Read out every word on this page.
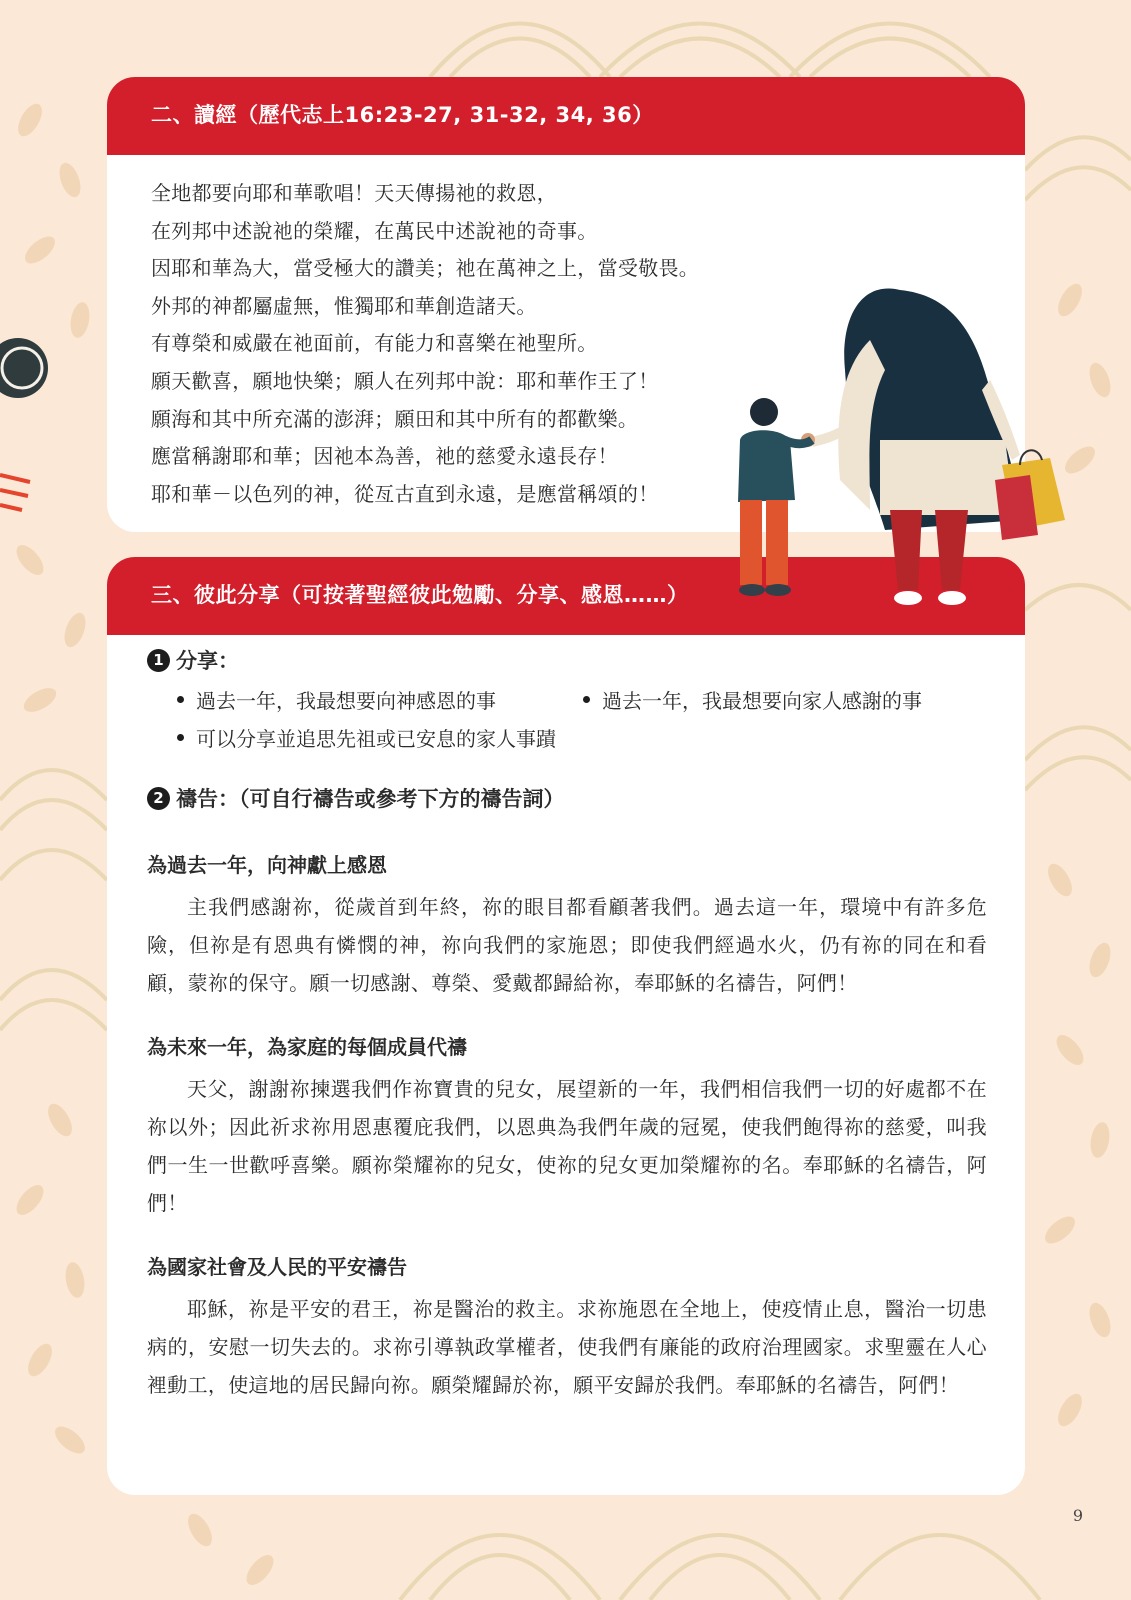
二、讀經（歷代志上16:23-27, 31-32, 34, 36）
全地都要向耶和華歌唱！天天傳揚祂的救恩，
在列邦中述說祂的榮耀，在萬民中述說祂的奇事。
因耶和華為大，當受極大的讚美；祂在萬神之上，當受敬畏。
外邦的神都屬虛無，惟獨耶和華創造諸天。
有尊榮和威嚴在祂面前，有能力和喜樂在祂聖所。
願天歡喜，願地快樂；願人在列邦中說：耶和華作王了！
願海和其中所充滿的澎湃；願田和其中所有的都歡樂。
應當稱謝耶和華；因祂本為善，祂的慈愛永遠長存！
耶和華－以色列的神，從亙古直到永遠，是應當稱頌的！
三、彼此分享（可按著聖經彼此勉勵、分享、感恩……）
1 分享：
過去一年，我最想要向神感恩的事	過去一年，我最想要向家人感謝的事
可以分享並追思先祖或已安息的家人事蹟
2 禱告：（可自行禱告或參考下方的禱告詞）
為過去一年，向神獻上感恩
主我們感謝祢，從歲首到年終，祢的眼目都看顧著我們。過去這一年，環境中有許多危險，但祢是有恩典有憐憫的神，祢向我們的家施恩；即使我們經過水火，仍有祢的同在和看顧，蒙祢的保守。願一切感謝、尊榮、愛戴都歸給祢，奉耶穌的名禱告，阿們！
為未來一年，為家庭的每個成員代禱
天父，謝謝祢揀選我們作祢寶貴的兒女，展望新的一年，我們相信我們一切的好處都不在祢以外；因此祈求祢用恩惠覆庇我們，以恩典為我們年歲的冠冕，使我們飽得祢的慈愛，叫我們一生一世歡呼喜樂。願祢榮耀祢的兒女，使祢的兒女更加榮耀祢的名。奉耶穌的名禱告，阿們！
為國家社會及人民的平安禱告
耶穌，祢是平安的君王，祢是醫治的救主。求祢施恩在全地上，使疫情止息，醫治一切患病的，安慰一切失去的。求祢引導執政掌權者，使我們有廉能的政府治理國家。求聖靈在人心裡動工，使這地的居民歸向祢。願榮耀歸於祢，願平安歸於我們。奉耶穌的名禱告，阿們！
9
